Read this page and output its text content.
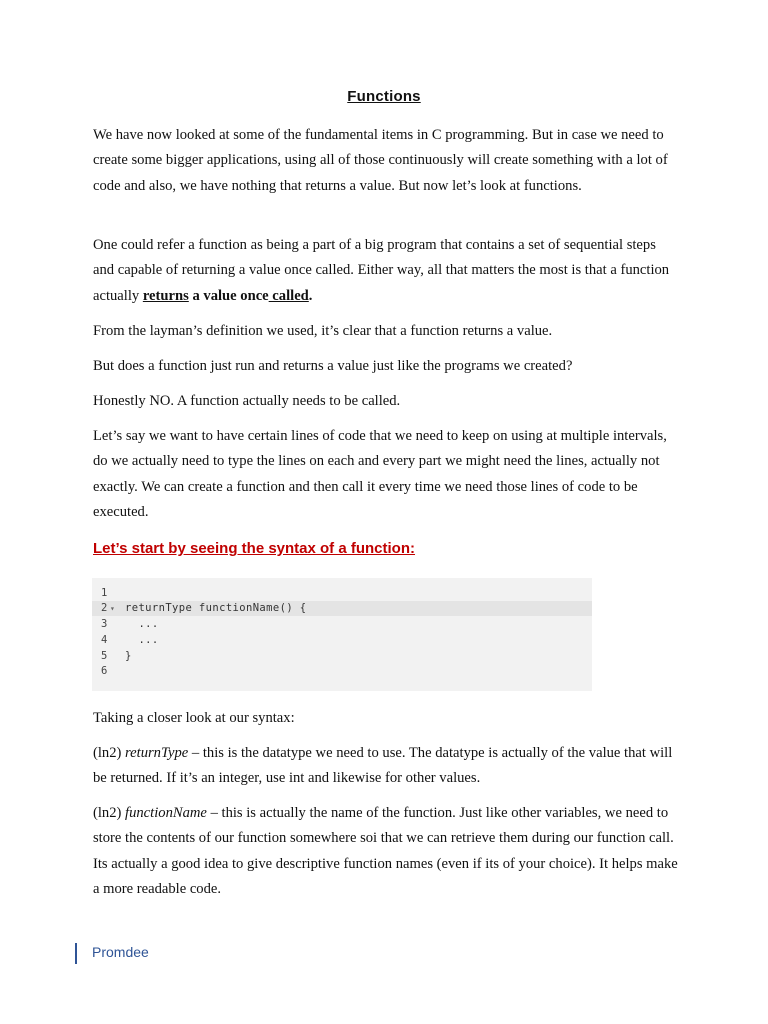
Functions

We have now looked at some of the fundamental items in C programming. But in case we need to create some bigger applications, using all of those continuously will create something with a lot of code and also, we have nothing that returns a value. But now let’s look at functions.

One could refer a function as being a part of a big program that contains a set of sequential steps and capable of returning a value once called. Either way, all that matters the most is that a function actually returns a value once called.

From the layman’s definition we used, it’s clear that a function returns a value.

But does a function just run and returns a value just like the programs we created?

Honestly NO. A function actually needs to be called.

Let’s say we want to have certain lines of code that we need to keep on using at multiple intervals, do we actually need to type the lines on each and every part we might need the lines, actually not exactly. We can create a function and then call it every time we need those lines of code to be executed.

Let’s start by seeing the syntax of a function:
1
2 ▾ returnType functionName() {
3	...
4	...
5	}
6

Taking a closer look at our syntax:

(ln2) returnType – this is the datatype we need to use. The datatype is actually of the value that will be returned. If it’s an integer, use int and likewise for other values.

(ln2) functionName – this is actually the name of the function. Just like other variables, we need to store the contents of our function somewhere soi that we can retrieve them during our function call. Its actually a good idea to give descriptive function names (even if its of your choice). It helps make a more readable code.

Promdee
